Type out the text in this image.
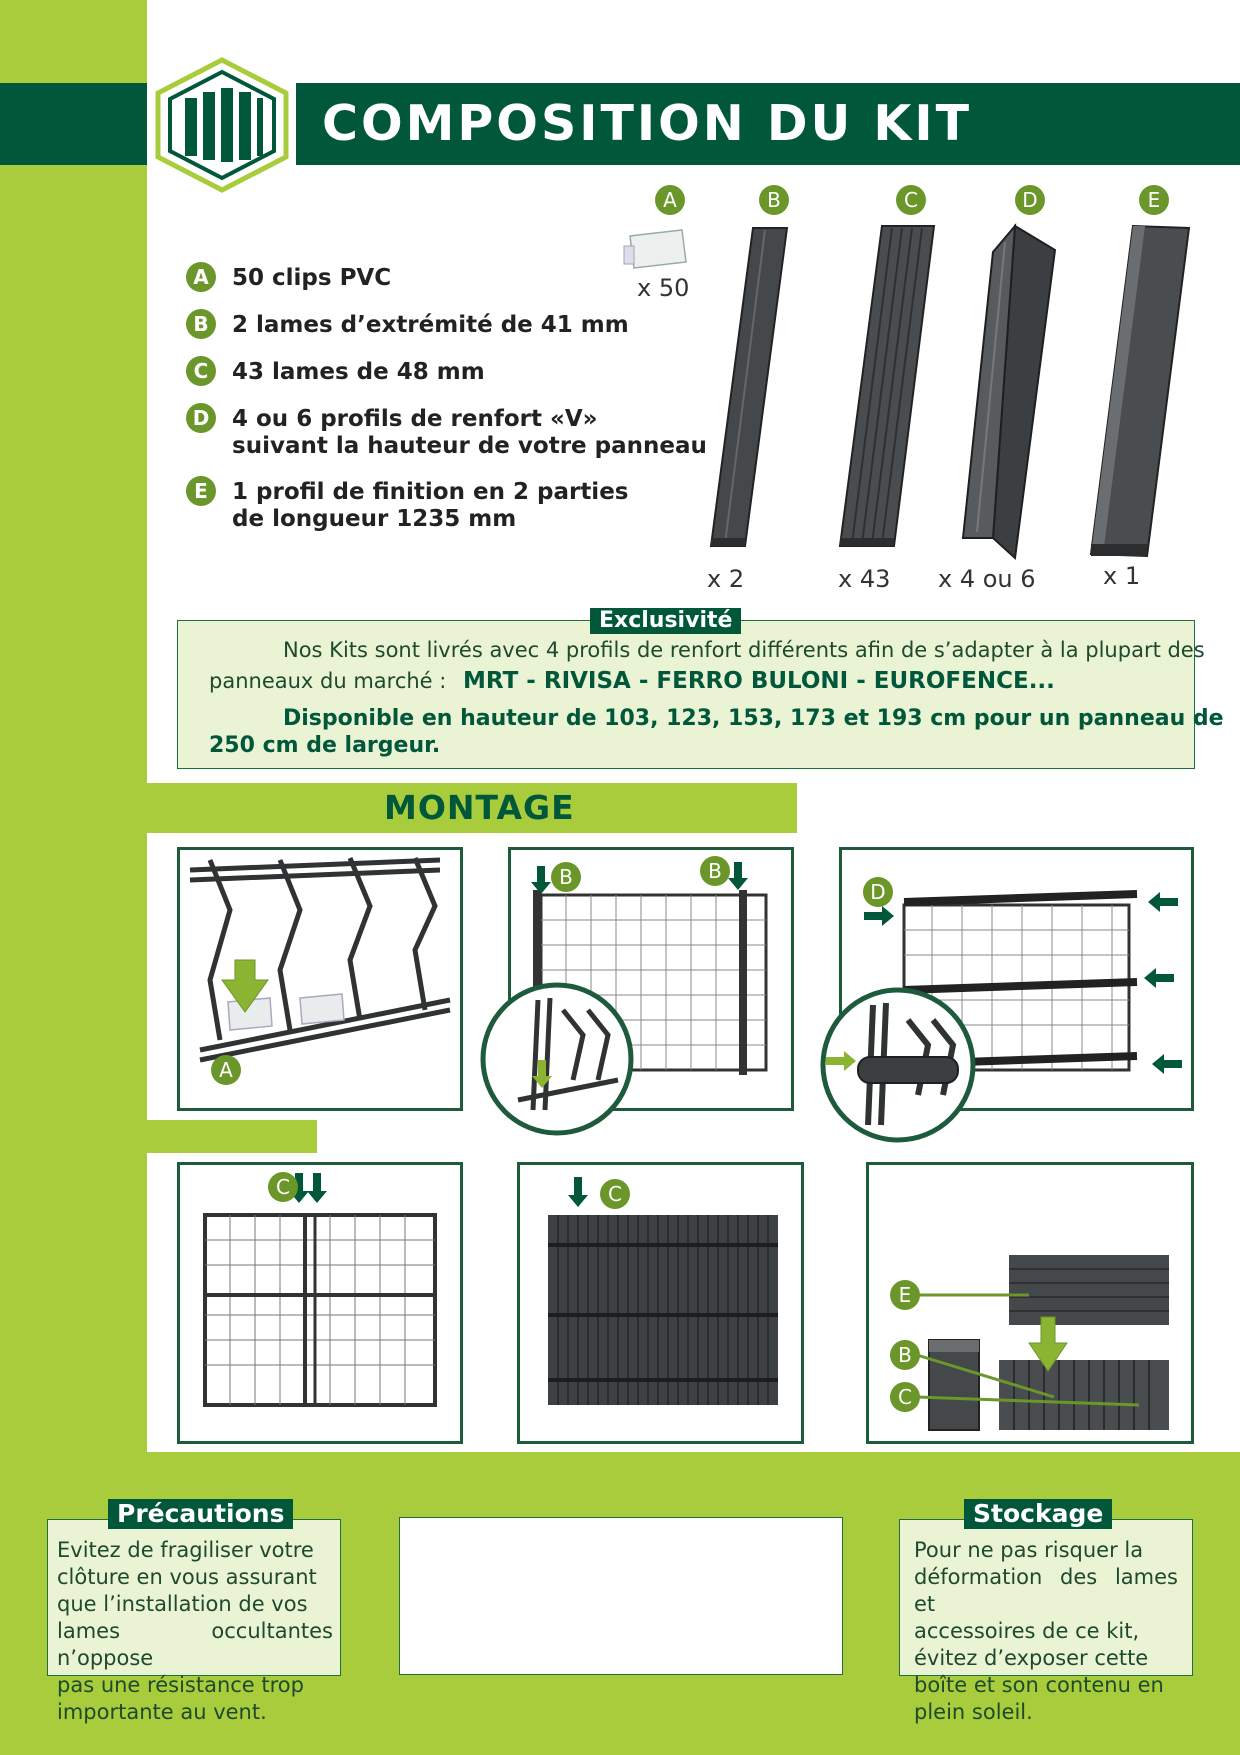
COMPOSITION DU KIT
A	50 clips PVC
B	2 lames d’extrémité de 41 mm
C	43 lames de 48 mm
D 4 ou 6 profils de renfort «V»
suivant la hauteur de votre panneau
E	1 profil de finition en 2 parties
de longueur 1235 mm
A	B	C	D	E
x 50
x 2	x 43 x 4 ou 6	x 1
Exclusivité
Nos Kits sont livrés avec 4 profils de renfort différents afin de s’adapter à la plupart des
panneaux du marché : MRT - RIVISA - FERRO BULONI - EUROFENCE...
Disponible en hauteur de 103, 123, 153, 173 et 193 cm pour un panneau de
250 cm de largeur.
MONTAGE
A
B	B
D
C	C
E
B
C
Précautions
Evitez de fragiliser votre
clôture en vous assurant
que l’installation de vos
lames occultantes n’oppose
pas une résistance trop
importante au vent.
Stockage
Pour ne pas risquer la
déformation des lames et
accessoires de ce kit,
évitez d’exposer cette
boîte et son contenu en
plein soleil.
